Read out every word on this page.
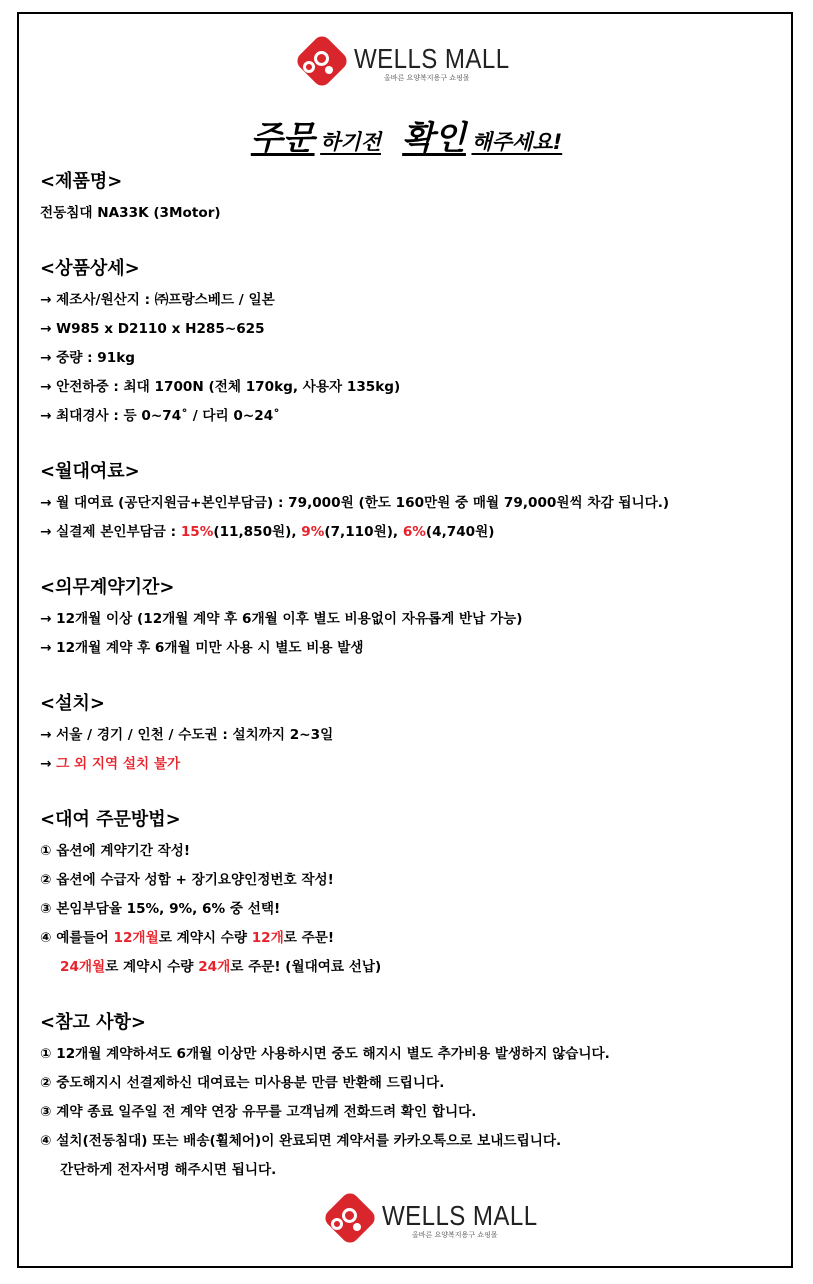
WELLS MALL
올바른 요양복지용구 쇼핑몰
주문 하기전 확인 해주세요!
<제품명>
전동침대 NA33K (3Motor)
<상품상세>
→ 제조사/원산지 : ㈜프랑스베드 / 일본
→ W985 x D2110 x H285~625
→ 중량 : 91kg
→ 안전하중 : 최대 1700N (전체 170kg, 사용자 135kg)
→ 최대경사 : 등 0~74˚ / 다리 0~24˚
<월대여료>
→ 월 대여료 (공단지원금+본인부담금) : 79,000원 (한도 160만원 중 매월 79,000원씩 차감 됩니다.)
→ 실결제 본인부담금 : 15%(11,850원), 9%(7,110원), 6%(4,740원)
<의무계약기간>
→ 12개월 이상 (12개월 계약 후 6개월 이후 별도 비용없이 자유롭게 반납 가능)
→ 12개월 계약 후 6개월 미만 사용 시 별도 비용 발생
<설치>
→ 서울 / 경기 / 인천 / 수도권 : 설치까지 2~3일
→ 그 외 지역 설치 불가
<대여 주문방법>
① 옵션에 계약기간 작성!
② 옵션에 수급자 성함 + 장기요양인정번호 작성!
③ 본임부담율 15%, 9%, 6% 중 선택!
④ 예를들어 12개월로 계약시 수량 12개로 주문!
24개월로 계약시 수량 24개로 주문! (월대여료 선납)
<참고 사항>
① 12개월 계약하셔도 6개월 이상만 사용하시면 중도 해지시 별도 추가비용 발생하지 않습니다.
② 중도해지시 선결제하신 대여료는 미사용분 만큼 반환해 드립니다.
③ 계약 종료 일주일 전 계약 연장 유무를 고객님께 전화드려 확인 합니다.
④ 설치(전동침대) 또는 배송(휠체어)이 완료되면 계약서를 카카오톡으로 보내드립니다.
간단하게 전자서명 해주시면 됩니다.
WELLS MALL
올바른 요양복지용구 쇼핑몰
